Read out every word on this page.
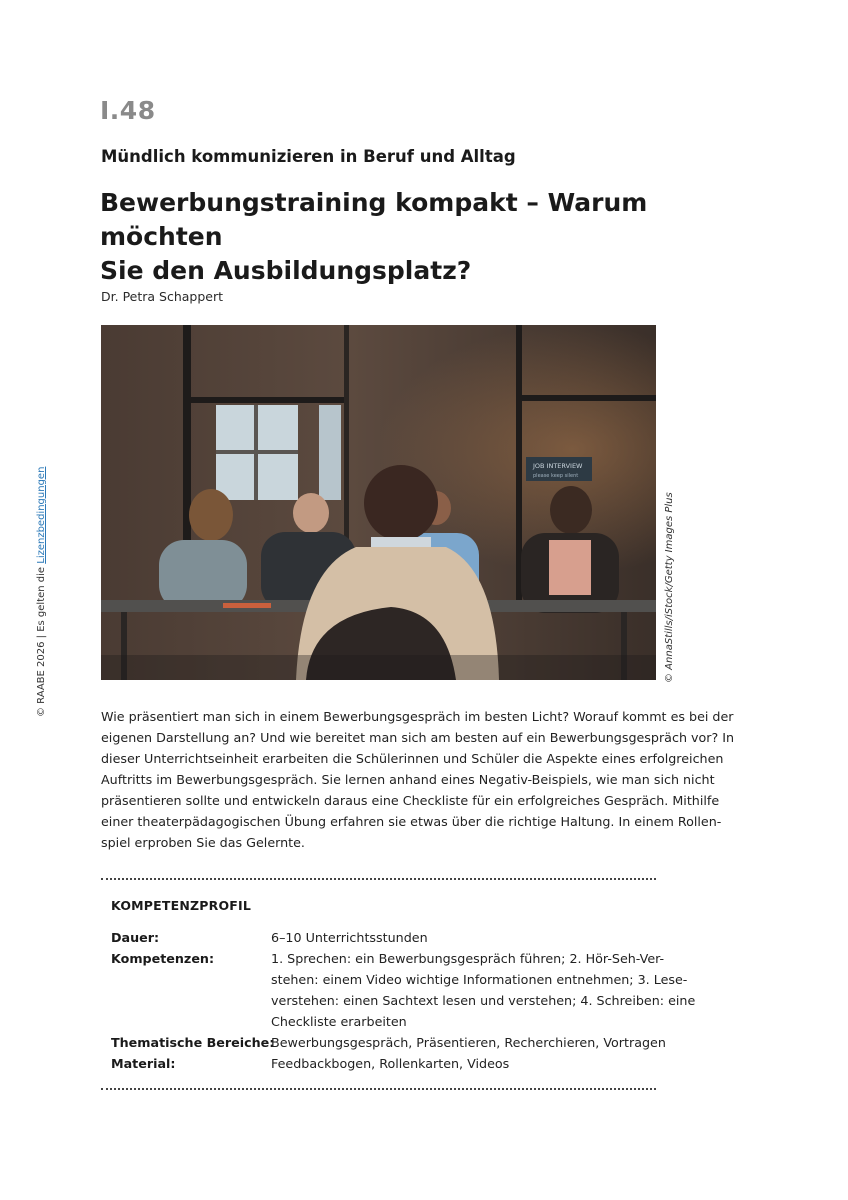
I.48
Mündlich kommunizieren in Beruf und Alltag
Bewerbungstraining kompakt – Warum möchten
Sie den Ausbildungsplatz?
Dr. Petra Schappert
JOB INTERVIEW
please keep silent
© AnnaStills/iStock/Getty Images Plus
© RAABE 2026 | Es gelten die Lizenzbedingungen

Wie präsentiert man sich in einem Bewerbungsgespräch im besten Licht? Worauf kommt es bei der

eigenen Darstellung an? Und wie bereitet man sich am besten auf ein Bewerbungsgespräch vor? In

dieser Unterrichtseinheit erarbeiten die Schülerinnen und Schüler die Aspekte eines erfolgreichen

Auftritts im Bewerbungsgespräch. Sie lernen anhand eines Negativ-Beispiels, wie man sich nicht

präsentieren sollte und entwickeln daraus eine Checkliste für ein erfolgreiches Gespräch. Mithilfe

einer theaterpädagogischen Übung erfahren sie etwas über die richtige Haltung. In einem Rollen-

spiel erproben Sie das Gelernte.

KOMPETENZPROFIL
Dauer:	6–10 Unterrichtsstunden

Kompetenzen:	1. Sprechen: ein Bewerbungsgespräch führen; 2. Hör-Seh-Ver-

stehen: einem Video wichtige Informationen entnehmen; 3. Lese-

verstehen: einen Sachtext lesen und verstehen; 4. Schreiben: eine

Checkliste erarbeiten

Thematische Bereiche:

Bewerbungsgespräch, Präsentieren, Recherchieren, Vortragen

Material:	Feedbackbogen, Rollenkarten, Videos
